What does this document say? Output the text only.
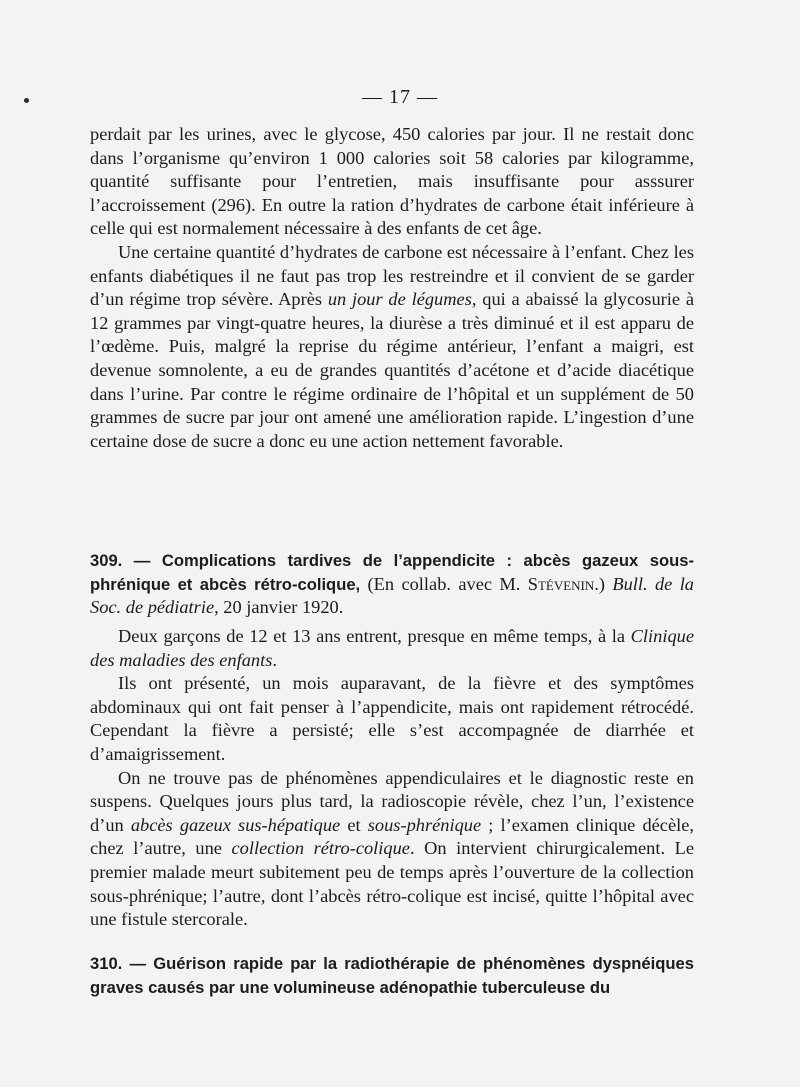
— 17 —

perdait par les urines, avec le glycose, 450 calories par jour. Il ne restait donc dans l’organisme qu’environ 1 000 calories soit 58 calories par kilogramme, quantité suffisante pour l’entretien, mais insuffisante pour asssurer l’accroissement (296). En outre la ration d’hydrates de carbone était inférieure à celle qui est normalement nécessaire à des enfants de cet âge.

Une certaine quantité d’hydrates de carbone est nécessaire à l’enfant. Chez les enfants diabétiques il ne faut pas trop les restreindre et il convient de se garder d’un régime trop sévère. Après un jour de légumes, qui a abaissé la glycosurie à 12 grammes par vingt-quatre heures, la diurèse a très diminué et il est apparu de l’œdème. Puis, malgré la reprise du régime antérieur, l’enfant a maigri, est devenue somnolente, a eu de grandes quantités d’acétone et d’acide diacétique dans l’urine. Par contre le régime ordinaire de l’hôpital et un supplément de 50 grammes de sucre par jour ont amené une amélioration rapide. L’ingestion d’une certaine dose de sucre a donc eu une action nettement favorable.

309. — Complications tardives de l’appendicite : abcès gazeux sous-phrénique et abcès rétro-colique, (En collab. avec M. Stévenin.) Bull. de la Soc. de pédiatrie, 20 janvier 1920.

Deux garçons de 12 et 13 ans entrent, presque en même temps, à la Clinique des maladies des enfants.

Ils ont présenté, un mois auparavant, de la fièvre et des symptômes abdominaux qui ont fait penser à l’appendicite, mais ont rapidement rétrocédé. Cependant la fièvre a persisté; elle s’est accompagnée de diarrhée et d’amaigrissement.

On ne trouve pas de phénomènes appendiculaires et le diagnostic reste en suspens. Quelques jours plus tard, la radioscopie révèle, chez l’un, l’existence d’un abcès gazeux sus-hépatique et sous-phrénique ; l’examen clinique décèle, chez l’autre, une collection rétro-colique. On intervient chirurgicalement. Le premier malade meurt subitement peu de temps après l’ouverture de la collection sous-phrénique; l’autre, dont l’abcès rétro-colique est incisé, quitte l’hôpital avec une fistule stercorale.

310. — Guérison rapide par la radiothérapie de phénomènes dyspnéiques graves causés par une volumineuse adénopathie tuberculeuse du
